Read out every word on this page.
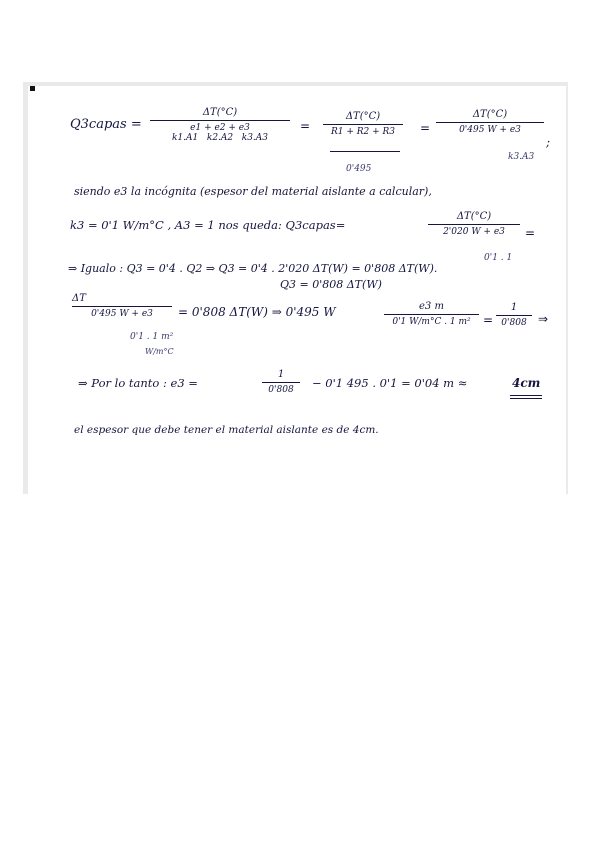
Q3capas =
ΔT(°C)
e1 + e2 + e3
k1.A1 k2.A2 k3.A3
=
ΔT(°C)
R1 + R2 + R3
0'495
=
ΔT(°C)
0'495 W + e3
k3.A3
;
siendo e3 la incógnita (espesor del material aislante a calcular),
k3 = 0'1 W/m°C , A3 = 1 nos queda: Q3capas=
ΔT(°C)
2'020 W + e3
0'1 . 1
=
⇒ Igualo : Q3 = 0'4 . Q2 ⇒ Q3 = 0'4 . 2'020 ΔT(W) = 0'808 ΔT(W).
Q3 = 0'808 ΔT(W)
ΔT
0'495 W + e3
0'1 . 1 m²
W/m°C
= 0'808 ΔT(W) ⇒ 0'495 W	e3 m
0'1 W/m°C . 1 m²	=
1
0'808 ⇒
⇒ Por lo tanto : e3 =
1
0'808	− 0'1 495 . 0'1 = 0'04 m ≈	4cm
el espesor que debe tener el material aislante es de 4cm.
